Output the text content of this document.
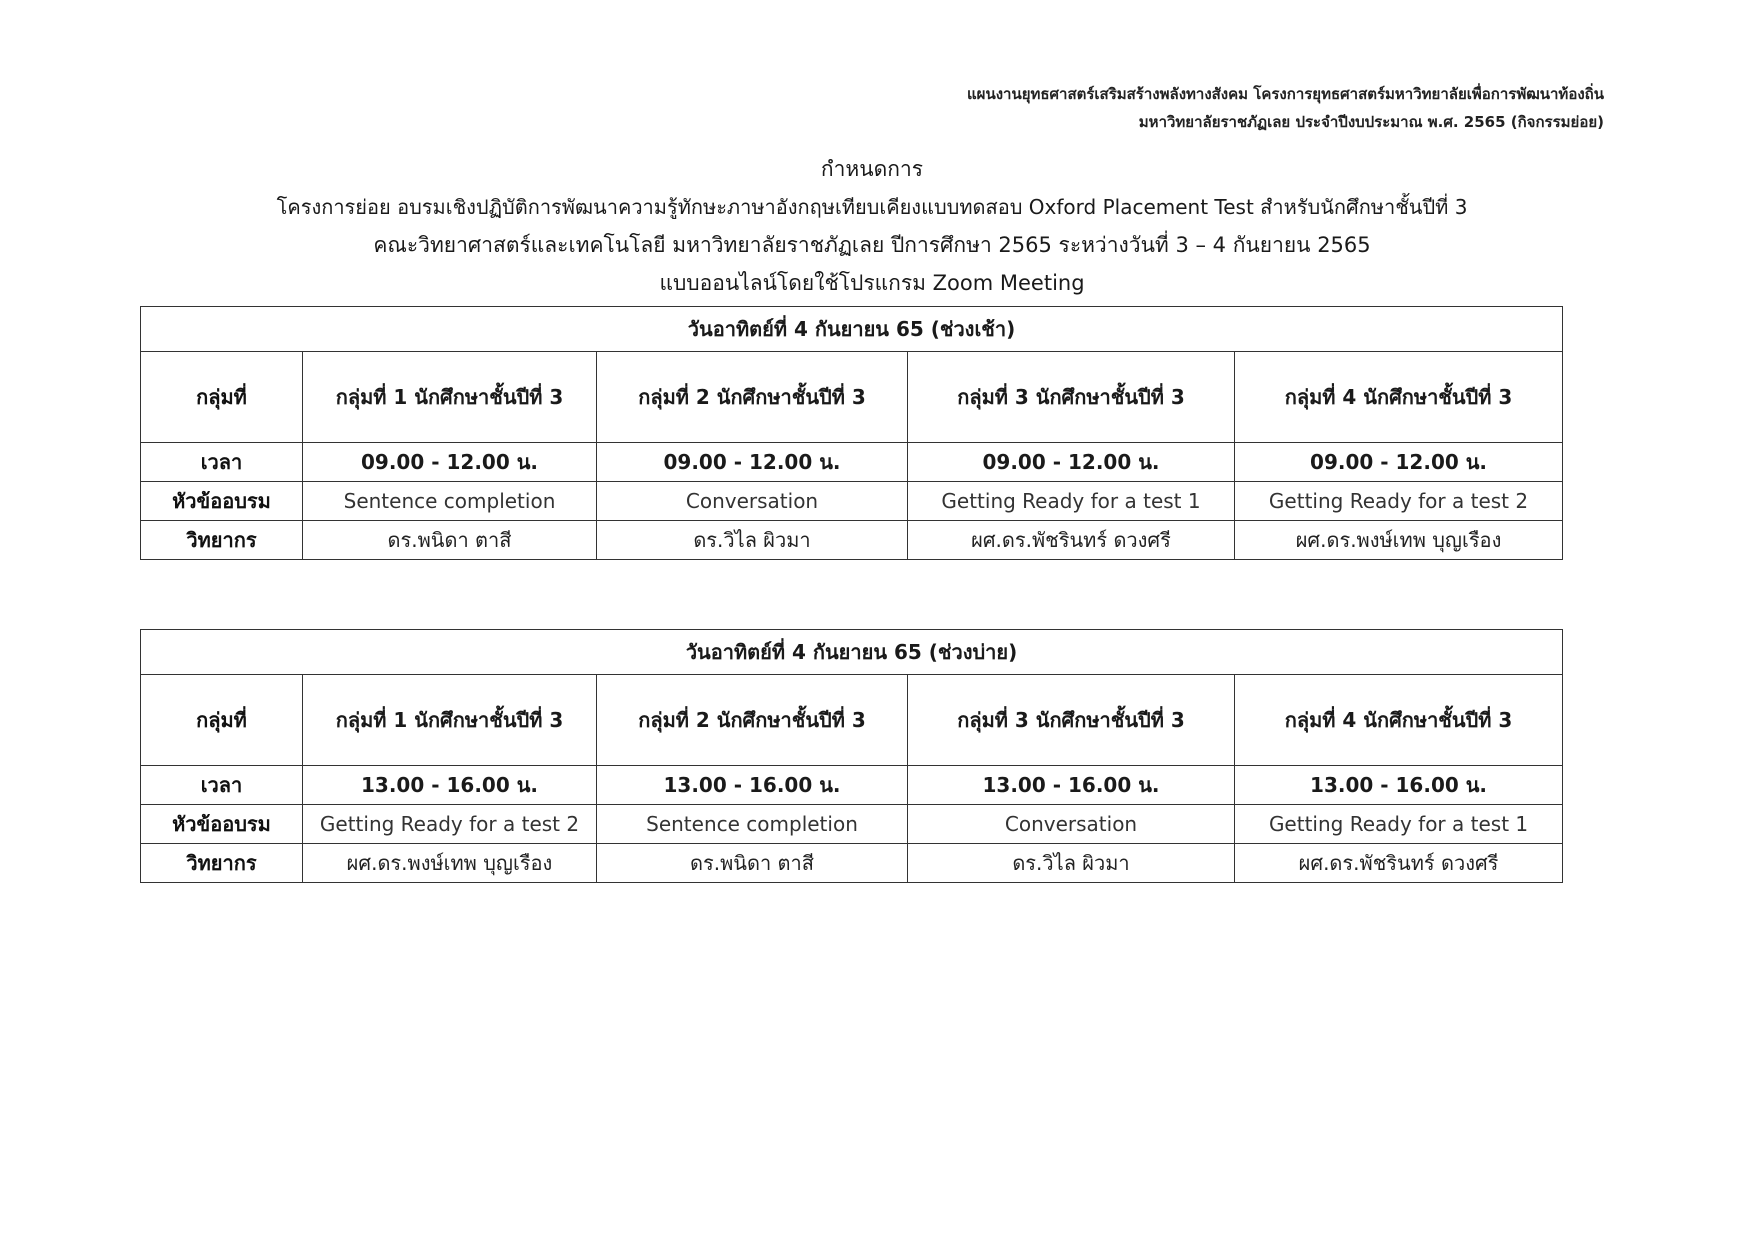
แผนงานยุทธศาสตร์เสริมสร้างพลังทางสังคม โครงการยุทธศาสตร์มหาวิทยาลัยเพื่อการพัฒนาท้องถิ่น
มหาวิทยาลัยราชภัฏเลย ประจำปีงบประมาณ พ.ศ. 2565 (กิจกรรมย่อย)
กำหนดการ
โครงการย่อย อบรมเชิงปฏิบัติการพัฒนาความรู้ทักษะภาษาอังกฤษเทียบเคียงแบบทดสอบ Oxford Placement Test สำหรับนักศึกษาชั้นปีที่ 3
คณะวิทยาศาสตร์และเทคโนโลยี มหาวิทยาลัยราชภัฏเลย ปีการศึกษา 2565 ระหว่างวันที่ 3 – 4 กันยายน 2565
แบบออนไลน์โดยใช้โปรแกรม Zoom Meeting
วันอาทิตย์ที่ 4 กันยายน 65 (ช่วงเช้า)				
กลุ่มที่	กลุ่มที่ 1 นักศึกษาชั้นปีที่ 3	กลุ่มที่ 2 นักศึกษาชั้นปีที่ 3	กลุ่มที่ 3 นักศึกษาชั้นปีที่ 3	กลุ่มที่ 4 นักศึกษาชั้นปีที่ 3
เวลา	09.00 - 12.00 น.	09.00 - 12.00 น.	09.00 - 12.00 น.	09.00 - 12.00 น.
หัวข้ออบรม	Sentence completion	Conversation	Getting Ready for a test 1	Getting Ready for a test 2
วิทยากร	ดร.พนิดา ตาสี	ดร.วิไล ผิวมา	ผศ.ดร.พัชรินทร์ ดวงศรี	ผศ.ดร.พงษ์เทพ บุญเรือง
วันอาทิตย์ที่ 4 กันยายน 65 (ช่วงบ่าย)				
กลุ่มที่	กลุ่มที่ 1 นักศึกษาชั้นปีที่ 3	กลุ่มที่ 2 นักศึกษาชั้นปีที่ 3	กลุ่มที่ 3 นักศึกษาชั้นปีที่ 3	กลุ่มที่ 4 นักศึกษาชั้นปีที่ 3
เวลา	13.00 - 16.00 น.	13.00 - 16.00 น.	13.00 - 16.00 น.	13.00 - 16.00 น.
หัวข้ออบรม	Getting Ready for a test 2	Sentence completion	Conversation	Getting Ready for a test 1
วิทยากร	ผศ.ดร.พงษ์เทพ บุญเรือง	ดร.พนิดา ตาสี	ดร.วิไล ผิวมา	ผศ.ดร.พัชรินทร์ ดวงศรี
